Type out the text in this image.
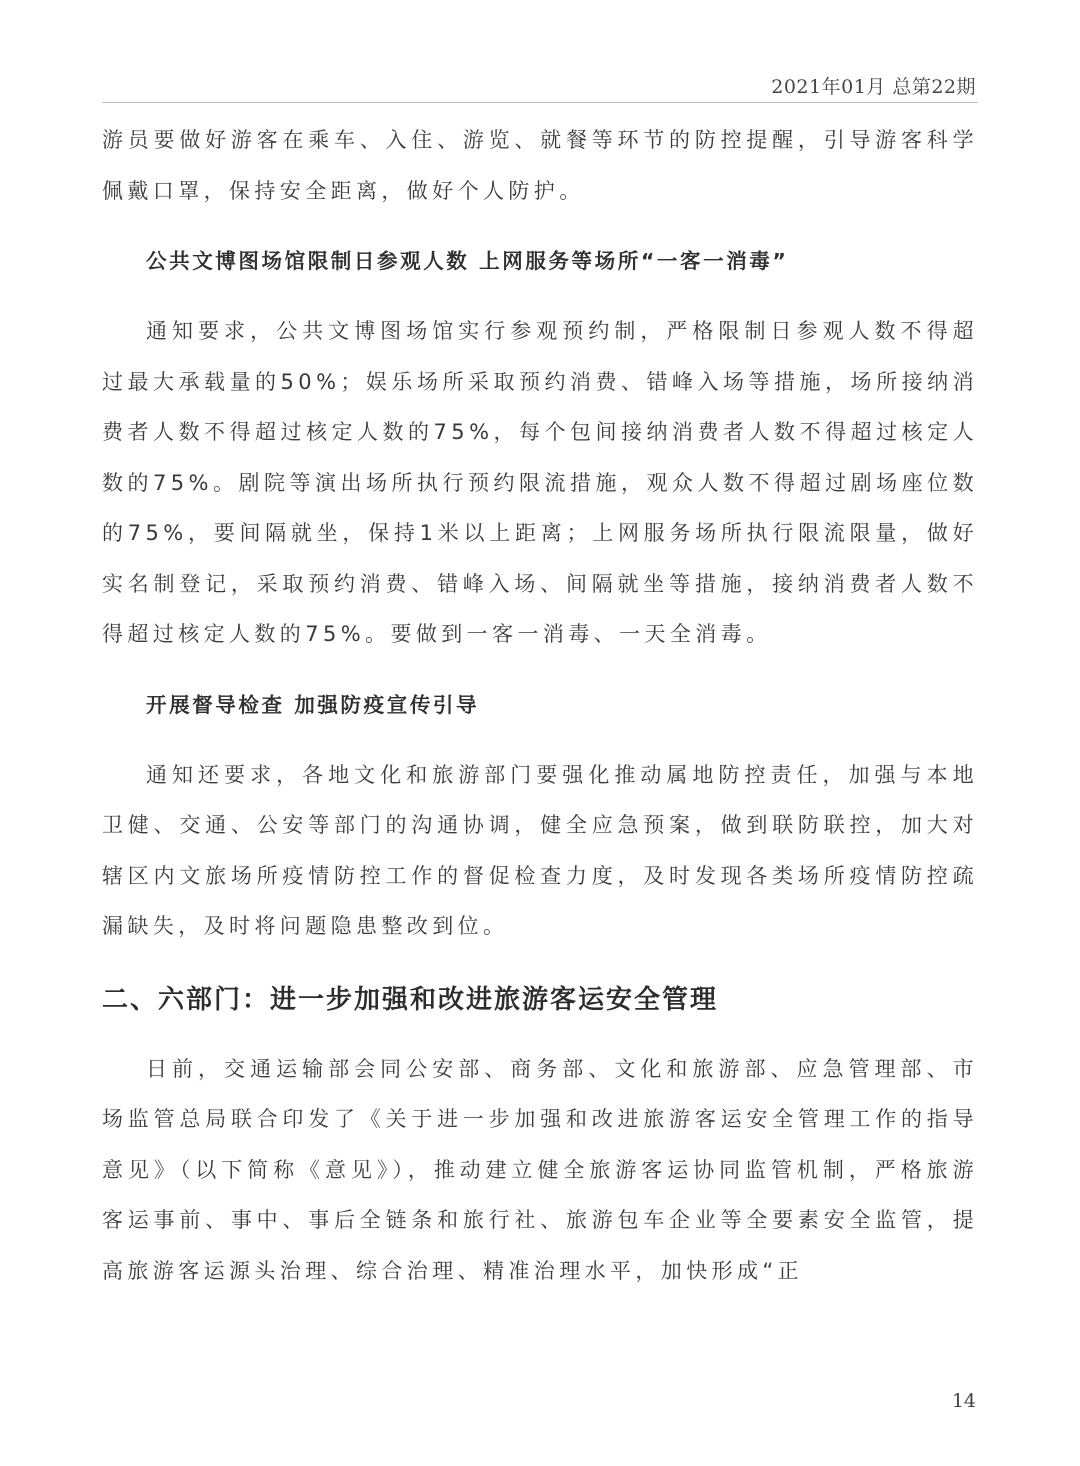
2021年01月 总第22期

游员要做好游客在乘车、入住、游览、就餐等环节的防控提醒，引导游客科学佩戴口罩，保持安全距离，做好个人防护。

公共文博图场馆限制日参观人数 上网服务等场所“一客一消毒”

通知要求，公共文博图场馆实行参观预约制，严格限制日参观人数不得超过最大承载量的50%；娱乐场所采取预约消费、错峰入场等措施，场所接纳消费者人数不得超过核定人数的75%，每个包间接纳消费者人数不得超过核定人数的75%。剧院等演出场所执行预约限流措施，观众人数不得超过剧场座位数的75%，要间隔就坐，保持1米以上距离；上网服务场所执行限流限量，做好实名制登记，采取预约消费、错峰入场、间隔就坐等措施，接纳消费者人数不得超过核定人数的75%。要做到一客一消毒、一天全消毒。

开展督导检查 加强防疫宣传引导

通知还要求，各地文化和旅游部门要强化推动属地防控责任，加强与本地卫健、交通、公安等部门的沟通协调，健全应急预案，做到联防联控，加大对辖区内文旅场所疫情防控工作的督促检查力度，及时发现各类场所疫情防控疏漏缺失，及时将问题隐患整改到位。

二、六部门：进一步加强和改进旅游客运安全管理

日前，交通运输部会同公安部、商务部、文化和旅游部、应急管理部、市场监管总局联合印发了《关于进一步加强和改进旅游客运安全管理工作的指导意见》（以下简称《意见》），推动建立健全旅游客运协同监管机制，严格旅游客运事前、事中、事后全链条和旅行社、旅游包车企业等全要素安全监管，提高旅游客运源头治理、综合治理、精准治理水平，加快形成“正

14
